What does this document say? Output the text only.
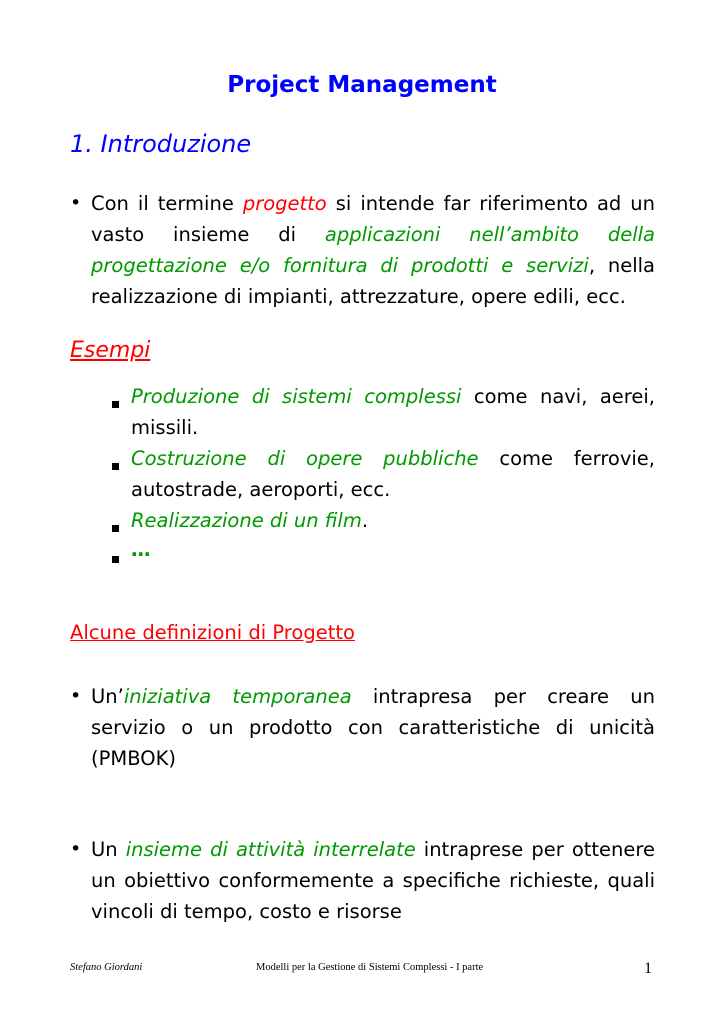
Project Management
1. Introduzione
• Con il termine progetto si intende far riferimento ad un vasto insieme di applicazioni nell’ambito della progettazione e/o fornitura di prodotti e servizi, nella realizzazione di impianti, attrezzature, opere edili, ecc.
Esempi
Produzione di sistemi complessi come navi, aerei, missili.
Costruzione di opere pubbliche come ferrovie, autostrade, aeroporti, ecc.
Realizzazione di un film.
…
Alcune definizioni di Progetto
• Un’iniziativa temporanea intrapresa per creare un servizio o un prodotto con caratteristiche di unicità (PMBOK)
• Un insieme di attività interrelate intraprese per ottenere un obiettivo conformemente a specifiche richieste, quali vincoli di tempo, costo e risorse
Stefano Giordani	Modelli per la Gestione di Sistemi Complessi - I parte	1
